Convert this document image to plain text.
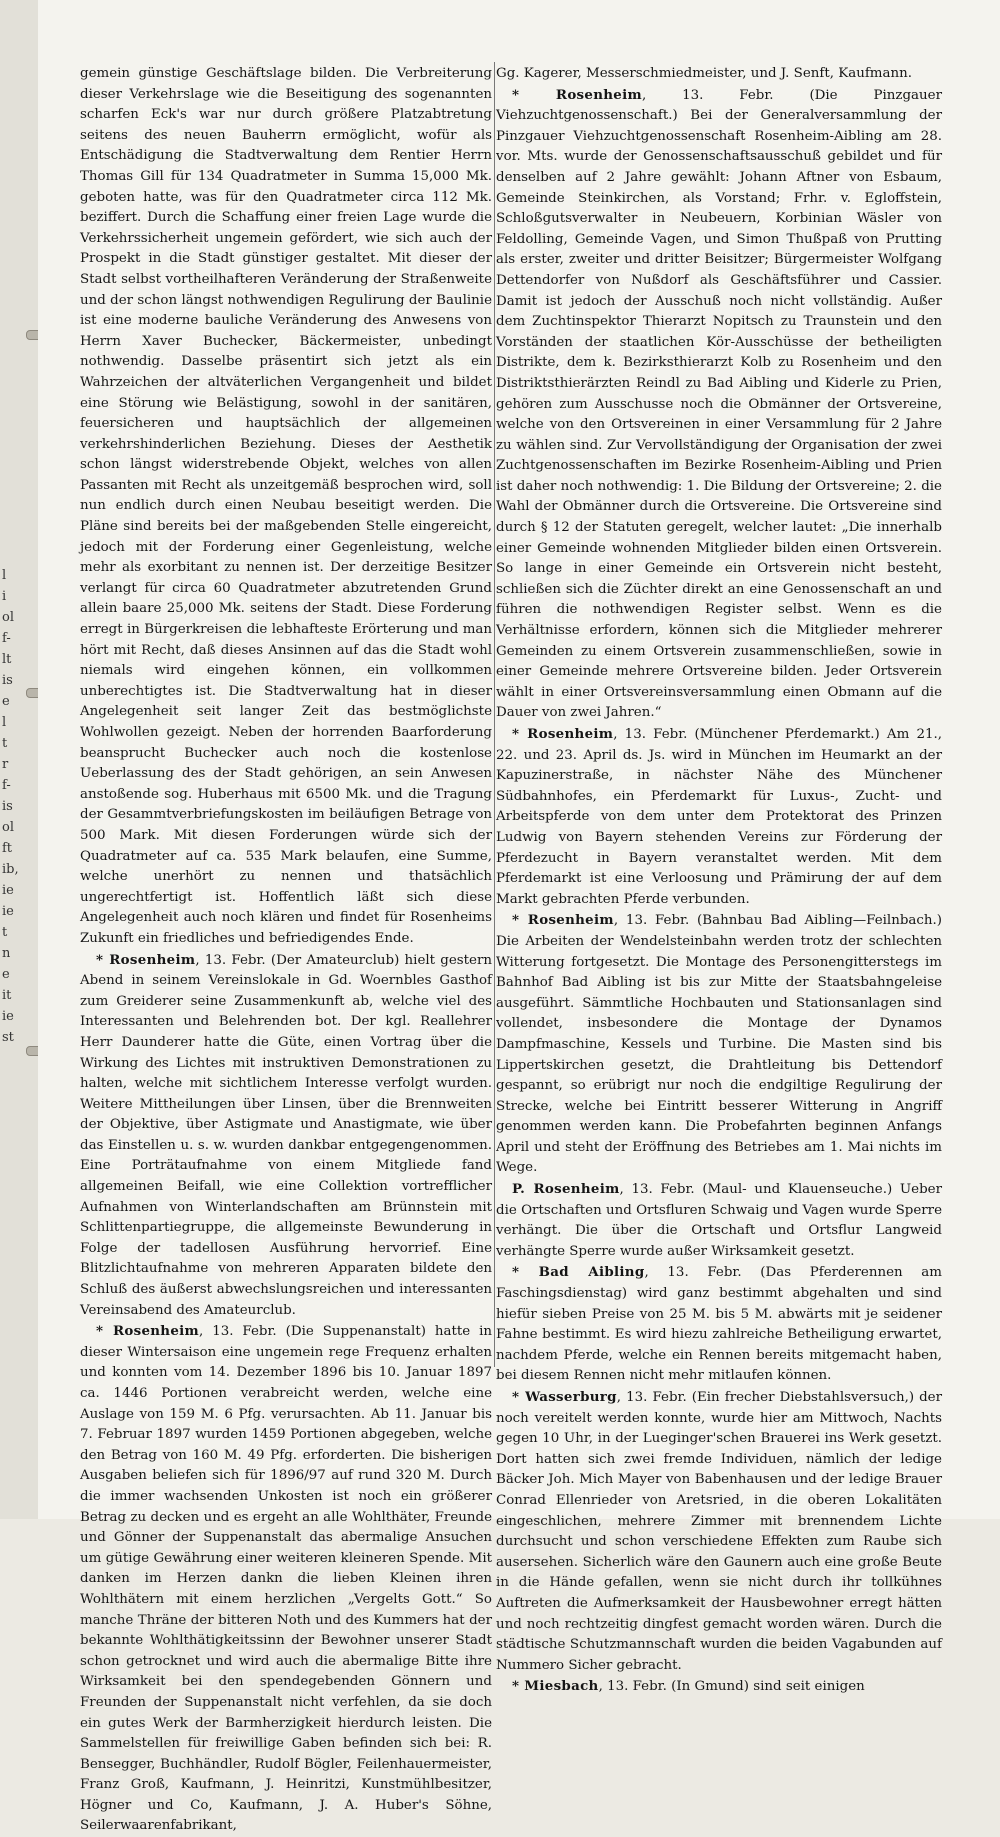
l
i
ol
f-
lt
is
e
l
t
r
f-
is
ol
ft
ib,
ie
ie
t
n
e
it
ie
st

gemein günstige Geschäftslage bilden. Die Verbreiterung dieser Verkehrslage wie die Beseitigung des sogenannten scharfen Eck's war nur durch größere Platzabtretung seitens des neuen Bauherrn ermöglicht, wofür als Entschädigung die Stadtverwaltung dem Rentier Herrn Thomas Gill für 134 Quadratmeter in Summa 15,000 Mk. geboten hatte, was für den Quadratmeter circa 112 Mk. beziffert. Durch die Schaffung einer freien Lage wurde die Verkehrssicherheit ungemein gefördert, wie sich auch der Prospekt in die Stadt günstiger gestaltet. Mit dieser der Stadt selbst vortheilhafteren Veränderung der Straßenweite und der schon längst nothwendigen Regulirung der Baulinie ist eine moderne bauliche Veränderung des Anwesens von Herrn Xaver Buchecker, Bäckermeister, unbedingt nothwendig. Dasselbe präsentirt sich jetzt als ein Wahrzeichen der altväterlichen Vergangenheit und bildet eine Störung wie Belästigung, sowohl in der sanitären, feuersicheren und hauptsächlich der allgemeinen verkehrshinderlichen Beziehung. Dieses der Aesthetik schon längst widerstrebende Objekt, welches von allen Passanten mit Recht als unzeitgemäß besprochen wird, soll nun endlich durch einen Neubau beseitigt werden. Die Pläne sind bereits bei der maßgebenden Stelle eingereicht, jedoch mit der Forderung einer Gegenleistung, welche mehr als exorbitant zu nennen ist. Der derzeitige Besitzer verlangt für circa 60 Quadratmeter abzutretenden Grund allein baare 25,000 Mk. seitens der Stadt. Diese Forderung erregt in Bürgerkreisen die lebhafteste Erörterung und man hört mit Recht, daß dieses Ansinnen auf das die Stadt wohl niemals wird eingehen können, ein vollkommen unberechtigtes ist. Die Stadtverwaltung hat in dieser Angelegenheit seit langer Zeit das bestmöglichste Wohlwollen gezeigt. Neben der horrenden Baarforderung beansprucht Buchecker auch noch die kostenlose Ueberlassung des der Stadt gehörigen, an sein Anwesen anstoßende sog. Huberhaus mit 6500 Mk. und die Tragung der Gesammtverbriefungskosten im beiläufigen Betrage von 500 Mark. Mit diesen Forderungen würde sich der Quadratmeter auf ca. 535 Mark belaufen, eine Summe, welche unerhört zu nennen und thatsächlich ungerechtfertigt ist. Hoffentlich läßt sich diese Angelegenheit auch noch klären und findet für Rosenheims Zukunft ein friedliches und befriedigendes Ende.

* Rosenheim, 13. Febr. (Der Amateurclub) hielt gestern Abend in seinem Vereinslokale in Gd. Woernbles Gasthof zum Greiderer seine Zusammenkunft ab, welche viel des Interessanten und Belehrenden bot. Der kgl. Reallehrer Herr Daunderer hatte die Güte, einen Vortrag über die Wirkung des Lichtes mit instruktiven Demonstrationen zu halten, welche mit sichtlichem Interesse verfolgt wurden. Weitere Mittheilungen über Linsen, über die Brennweiten der Objektive, über Astigmate und Anastigmate, wie über das Einstellen u. s. w. wurden dankbar entgegengenommen. Eine Porträtaufnahme von einem Mitgliede fand allgemeinen Beifall, wie eine Collektion vortrefflicher Aufnahmen von Winterlandschaften am Brünnstein mit Schlittenpartiegruppe, die allgemeinste Bewunderung in Folge der tadellosen Ausführung hervorrief. Eine Blitzlichtaufnahme von mehreren Apparaten bildete den Schluß des äußerst abwechslungsreichen und interessanten Vereinsabend des Amateurclub.

* Rosenheim, 13. Febr. (Die Suppenanstalt) hatte in dieser Wintersaison eine ungemein rege Frequenz erhalten und konnten vom 14. Dezember 1896 bis 10. Januar 1897 ca. 1446 Portionen verabreicht werden, welche eine Auslage von 159 M. 6 Pfg. verursachten. Ab 11. Januar bis 7. Februar 1897 wurden 1459 Portionen abgegeben, welche den Betrag von 160 M. 49 Pfg. erforderten. Die bisherigen Ausgaben beliefen sich für 1896/97 auf rund 320 M. Durch die immer wachsenden Unkosten ist noch ein größerer Betrag zu decken und es ergeht an alle Wohlthäter, Freunde und Gönner der Suppenanstalt das abermalige Ansuchen um gütige Gewährung einer weiteren kleineren Spende. Mit danken im Herzen dankn die lieben Kleinen ihren Wohlthätern mit einem herzlichen „Vergelts Gott.“ So manche Thräne der bitteren Noth und des Kummers hat der bekannte Wohlthätigkeitssinn der Bewohner unserer Stadt schon getrocknet und wird auch die abermalige Bitte ihre Wirksamkeit bei den spendegebenden Gönnern und Freunden der Suppenanstalt nicht verfehlen, da sie doch ein gutes Werk der Barmherzigkeit hierdurch leisten. Die Sammelstellen für freiwillige Gaben befinden sich bei: R. Bensegger, Buchhändler, Rudolf Bögler, Feilenhauermeister, Franz Groß, Kaufmann, J. Heinritzi, Kunstmühlbesitzer, Högner und Co, Kaufmann, J. A. Huber's Söhne, Seilerwaarenfabrikant,

Gg. Kagerer, Messerschmiedmeister, und J. Senft, Kaufmann.

* Rosenheim, 13. Febr. (Die Pinzgauer Viehzuchtgenossenschaft.) Bei der Generalversammlung der Pinzgauer Viehzuchtgenossenschaft Rosenheim-Aibling am 28. vor. Mts. wurde der Genossenschaftsausschuß gebildet und für denselben auf 2 Jahre gewählt: Johann Aftner von Esbaum, Gemeinde Steinkirchen, als Vorstand; Frhr. v. Egloffstein, Schloßgutsverwalter in Neubeuern, Korbinian Wäsler von Feldolling, Gemeinde Vagen, und Simon Thußpaß von Prutting als erster, zweiter und dritter Beisitzer; Bürgermeister Wolfgang Dettendorfer von Nußdorf als Geschäftsführer und Cassier. Damit ist jedoch der Ausschuß noch nicht vollständig. Außer dem Zuchtinspektor Thierarzt Nopitsch zu Traunstein und den Vorständen der staatlichen Kör-Ausschüsse der betheiligten Distrikte, dem k. Bezirksthierarzt Kolb zu Rosenheim und den Distriktsthierärzten Reindl zu Bad Aibling und Kiderle zu Prien, gehören zum Ausschusse noch die Obmänner der Ortsvereine, welche von den Ortsvereinen in einer Versammlung für 2 Jahre zu wählen sind. Zur Vervollständigung der Organisation der zwei Zuchtgenossenschaften im Bezirke Rosenheim-Aibling und Prien ist daher noch nothwendig: 1. Die Bildung der Ortsvereine; 2. die Wahl der Obmänner durch die Ortsvereine. Die Ortsvereine sind durch § 12 der Statuten geregelt, welcher lautet: „Die innerhalb einer Gemeinde wohnenden Mitglieder bilden einen Ortsverein. So lange in einer Gemeinde ein Ortsverein nicht besteht, schließen sich die Züchter direkt an eine Genossenschaft an und führen die nothwendigen Register selbst. Wenn es die Verhältnisse erfordern, können sich die Mitglieder mehrerer Gemeinden zu einem Ortsverein zusammenschließen, sowie in einer Gemeinde mehrere Ortsvereine bilden. Jeder Ortsverein wählt in einer Ortsvereinsversammlung einen Obmann auf die Dauer von zwei Jahren.“

* Rosenheim, 13. Febr. (Münchener Pferdemarkt.) Am 21., 22. und 23. April ds. Js. wird in München im Heumarkt an der Kapuzinerstraße, in nächster Nähe des Münchener Südbahnhofes, ein Pferdemarkt für Luxus-, Zucht- und Arbeitspferde von dem unter dem Protektorat des Prinzen Ludwig von Bayern stehenden Vereins zur Förderung der Pferdezucht in Bayern veranstaltet werden. Mit dem Pferdemarkt ist eine Verloosung und Prämirung der auf dem Markt gebrachten Pferde verbunden.

* Rosenheim, 13. Febr. (Bahnbau Bad Aibling—Feilnbach.) Die Arbeiten der Wendelsteinbahn werden trotz der schlechten Witterung fortgesetzt. Die Montage des Personengitterstegs im Bahnhof Bad Aibling ist bis zur Mitte der Staatsbahngeleise ausgeführt. Sämmtliche Hochbauten und Stationsanlagen sind vollendet, insbesondere die Montage der Dynamos Dampfmaschine, Kessels und Turbine. Die Masten sind bis Lippertskirchen gesetzt, die Drahtleitung bis Dettendorf gespannt, so erübrigt nur noch die endgiltige Regulirung der Strecke, welche bei Eintritt besserer Witterung in Angriff genommen werden kann. Die Probefahrten beginnen Anfangs April und steht der Eröffnung des Betriebes am 1. Mai nichts im Wege.

P. Rosenheim, 13. Febr. (Maul- und Klauenseuche.) Ueber die Ortschaften und Ortsfluren Schwaig und Vagen wurde Sperre verhängt. Die über die Ortschaft und Ortsflur Langweid verhängte Sperre wurde außer Wirksamkeit gesetzt.

* Bad Aibling, 13. Febr. (Das Pferderennen am Faschingsdienstag) wird ganz bestimmt abgehalten und sind hiefür sieben Preise von 25 M. bis 5 M. abwärts mit je seidener Fahne bestimmt. Es wird hiezu zahlreiche Betheiligung erwartet, nachdem Pferde, welche ein Rennen bereits mitgemacht haben, bei diesem Rennen nicht mehr mitlaufen können.

* Wasserburg, 13. Febr. (Ein frecher Diebstahlsversuch,) der noch vereitelt werden konnte, wurde hier am Mittwoch, Nachts gegen 10 Uhr, in der Lueginger'schen Brauerei ins Werk gesetzt. Dort hatten sich zwei fremde Individuen, nämlich der ledige Bäcker Joh. Mich Mayer von Babenhausen und der ledige Brauer Conrad Ellenrieder von Aretsried, in die oberen Lokalitäten eingeschlichen, mehrere Zimmer mit brennendem Lichte durchsucht und schon verschiedene Effekten zum Raube sich ausersehen. Sicherlich wäre den Gaunern auch eine große Beute in die Hände gefallen, wenn sie nicht durch ihr tollkühnes Auftreten die Aufmerksamkeit der Hausbewohner erregt hätten und noch rechtzeitig dingfest gemacht worden wären. Durch die städtische Schutzmannschaft wurden die beiden Vagabunden auf Nummero Sicher gebracht.

* Miesbach, 13. Febr. (In Gmund) sind seit einigen
